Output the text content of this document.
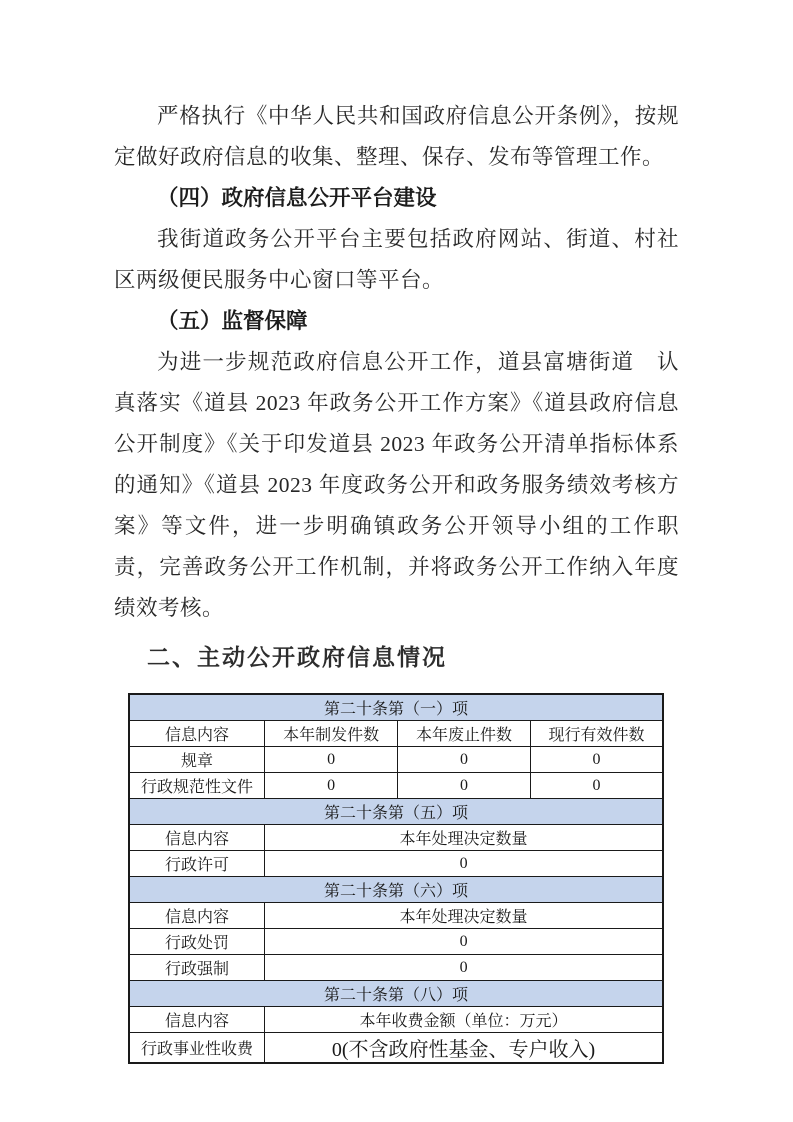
严格执行《中华人民共和国政府信息公开条例》，按规定做好政府信息的收集、整理、保存、发布等管理工作。

（四）政府信息公开平台建设

我街道政务公开平台主要包括政府网站、街道、村社区两级便民服务中心窗口等平台。

（五）监督保障

为进一步规范政府信息公开工作，道县富塘街道　认真落实《道县 2023 年政务公开工作方案》《道县政府信息公开制度》《关于印发道县 2023 年政务公开清单指标体系的通知》《道县 2023 年度政务公开和政务服务绩效考核方案》等文件，进一步明确镇政务公开领导小组的工作职责，完善政务公开工作机制，并将政务公开工作纳入年度绩效考核。

二、主动公开政府信息情况
第二十条第（一）项			
信息内容	本年制发件数	本年废止件数	现行有效件数
规章	0	0	0
行政规范性文件	0	0	0
第二十条第（五）项			
信息内容	本年处理决定数量		
行政许可	0		
第二十条第（六）项			
信息内容	本年处理决定数量		
行政处罚	0		
行政强制	0		
第二十条第（八）项			
信息内容	本年收费金额（单位：万元）		
行政事业性收费	0(不含政府性基金、专户收入)		
